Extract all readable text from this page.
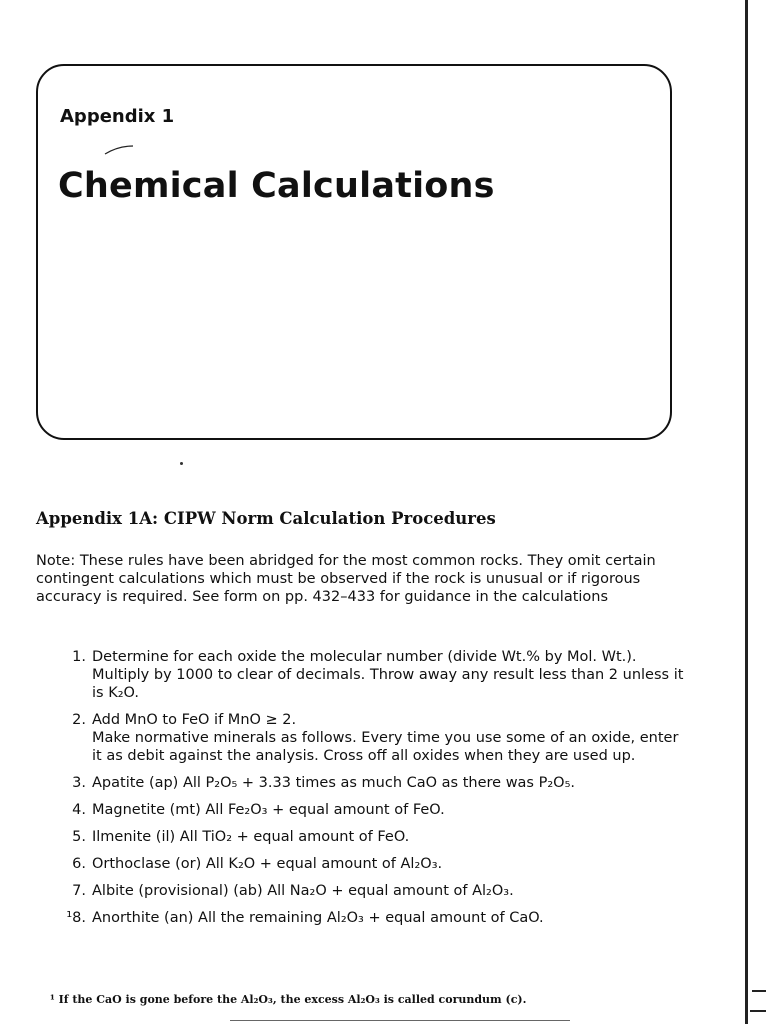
Appendix 1
Chemical Calculations
Appendix 1A: CIPW Norm Calculation Procedures

Note: These rules have been abridged for the most common rocks. They omit certain contingent calculations which must be observed if the rock is unusual or if rigorous accuracy is required. See form on pp. 432–433 for guidance in the calculations

1. Determine for each oxide the molecular number (divide Wt.% by Mol. Wt.). Multiply by 1000 to clear of decimals. Throw away any result less than 2 unless it is K₂O.
2. Add MnO to FeO if MnO ≥ 2.
Make normative minerals as follows. Every time you use some of an oxide, enter it as debit against the analysis. Cross off all oxides when they are used up.
3. Apatite (ap) All P₂O₅ + 3.33 times as much CaO as there was P₂O₅.
4. Magnetite (mt) All Fe₂O₃ + equal amount of FeO.
5. Ilmenite (il) All TiO₂ + equal amount of FeO.
6. Orthoclase (or) All K₂O + equal amount of Al₂O₃.
7. Albite (provisional) (ab) All Na₂O + equal amount of Al₂O₃.
¹8. Anorthite (an) All the remaining Al₂O₃ + equal amount of CaO.
¹ If the CaO is gone before the Al₂O₃, the excess Al₂O₃ is called corundum (c).
